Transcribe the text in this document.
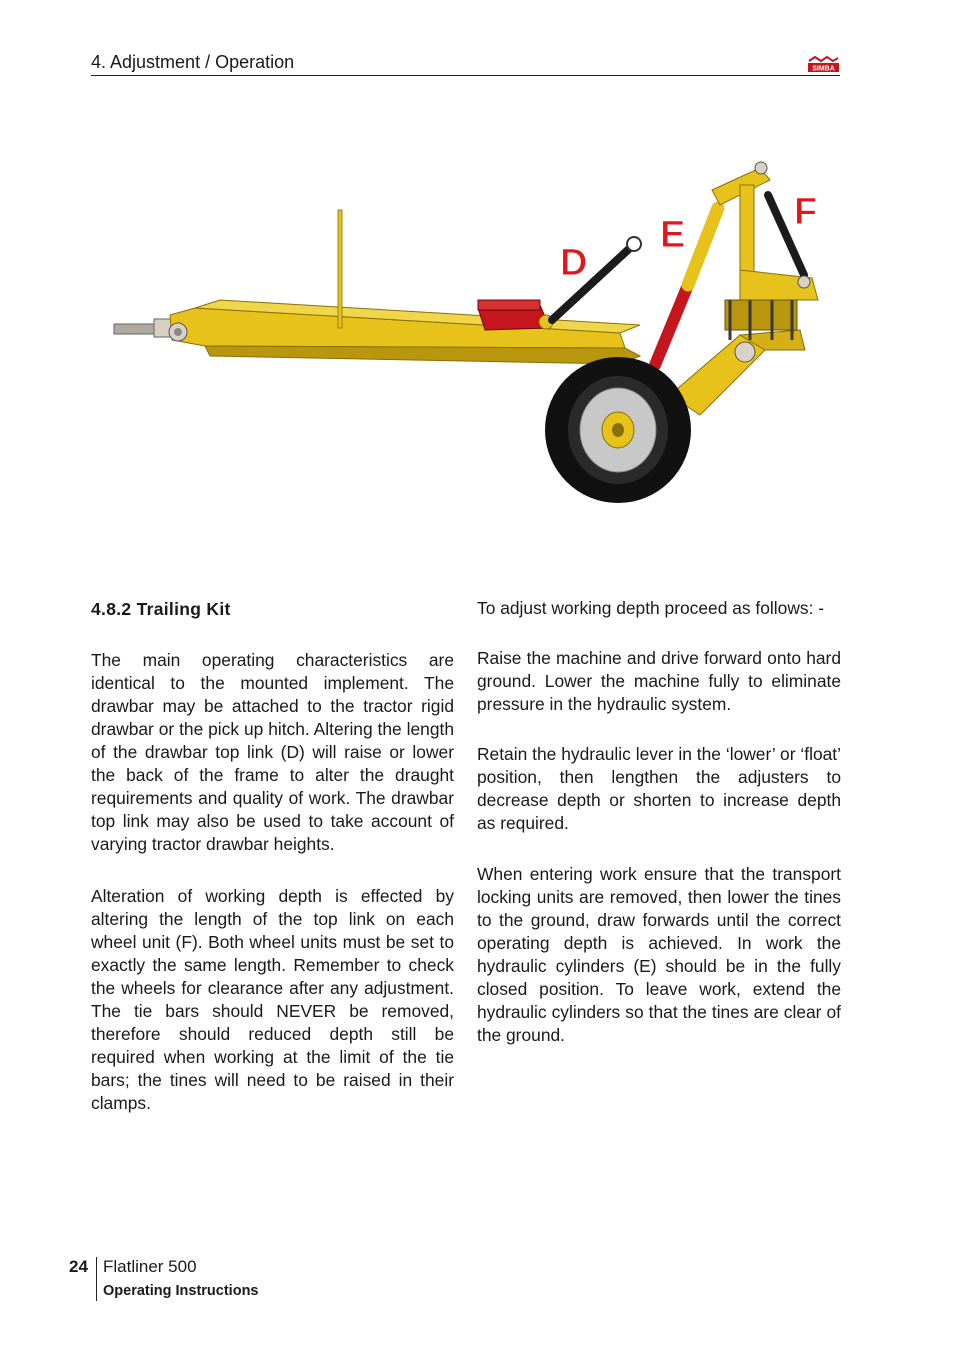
4. Adjustment / Operation	SIMBA
D
E
F
4.8.2 Trailing Kit

The main operating characteristics are identical to the mounted implement. The drawbar may be attached to the tractor rigid drawbar or the pick up hitch. Altering the length of the drawbar top link (D) will raise or lower the back of the frame to alter the draught requirements and quality of work. The drawbar top link may also be used to take account of varying tractor drawbar heights.

Alteration of working depth is effected by altering the length of the top link on each wheel unit (F). Both wheel units must be set to exactly the same length. Remember to check the wheels for clearance after any adjustment. The tie bars should NEVER be removed, therefore should reduced depth still be required when working at the limit of the tie bars; the tines will need to be raised in their clamps.

To adjust working depth proceed as follows: -

Raise the machine and drive forward onto hard ground. Lower the machine fully to eliminate pressure in the hydraulic system.

Retain the hydraulic lever in the ‘lower’ or ‘float’ position, then lengthen the adjusters to decrease depth or shorten to increase depth as required.

When entering work ensure that the transport locking units are removed, then lower the tines to the ground, draw forwards until the correct operating depth is achieved. In work the hydraulic cylinders (E) should be in the fully closed position. To leave work, extend the hydraulic cylinders so that the tines are clear of the ground.

24 Flatliner 500
Operating Instructions
